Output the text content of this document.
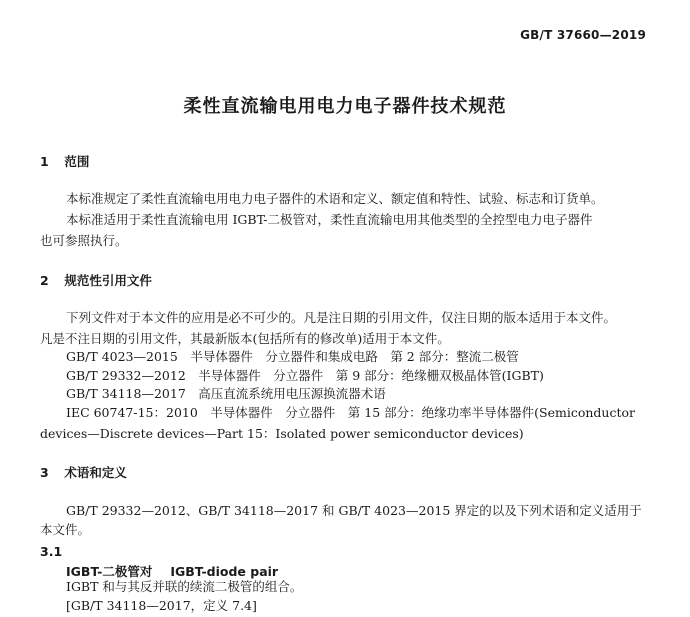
GB/T 37660—2019
柔性直流输电用电力电子器件技术规范
1 范围
本标准规定了柔性直流输电用电力电子器件的术语和定义、额定值和特性、试验、标志和订货单。
本标准适用于柔性直流输电用 IGBT-二极管对，柔性直流输电用其他类型的全控型电力电子器件
也可参照执行。
2 规范性引用文件
下列文件对于本文件的应用是必不可少的。凡是注日期的引用文件，仅注日期的版本适用于本文件。
凡是不注日期的引用文件，其最新版本(包括所有的修改单)适用于本文件。
GB/T 4023—2015　半导体器件　分立器件和集成电路　第 2 部分：整流二极管
GB/T 29332—2012　半导体器件　分立器件　第 9 部分：绝缘栅双极晶体管(IGBT)
GB/T 34118—2017　高压直流系统用电压源换流器术语
IEC 60747-15：2010　半导体器件　分立器件　第 15 部分：绝缘功率半导体器件(Semiconductor
devices—Discrete devices—Part 15：Isolated power semiconductor devices)
3 术语和定义
GB/T 29332—2012、GB/T 34118—2017 和 GB/T 4023—2015 界定的以及下列术语和定义适用于
本文件。
3.1
IGBT-二极管对 IGBT-diode pair
IGBT 和与其反并联的续流二极管的组合。
[GB/T 34118—2017，定义 7.4]
